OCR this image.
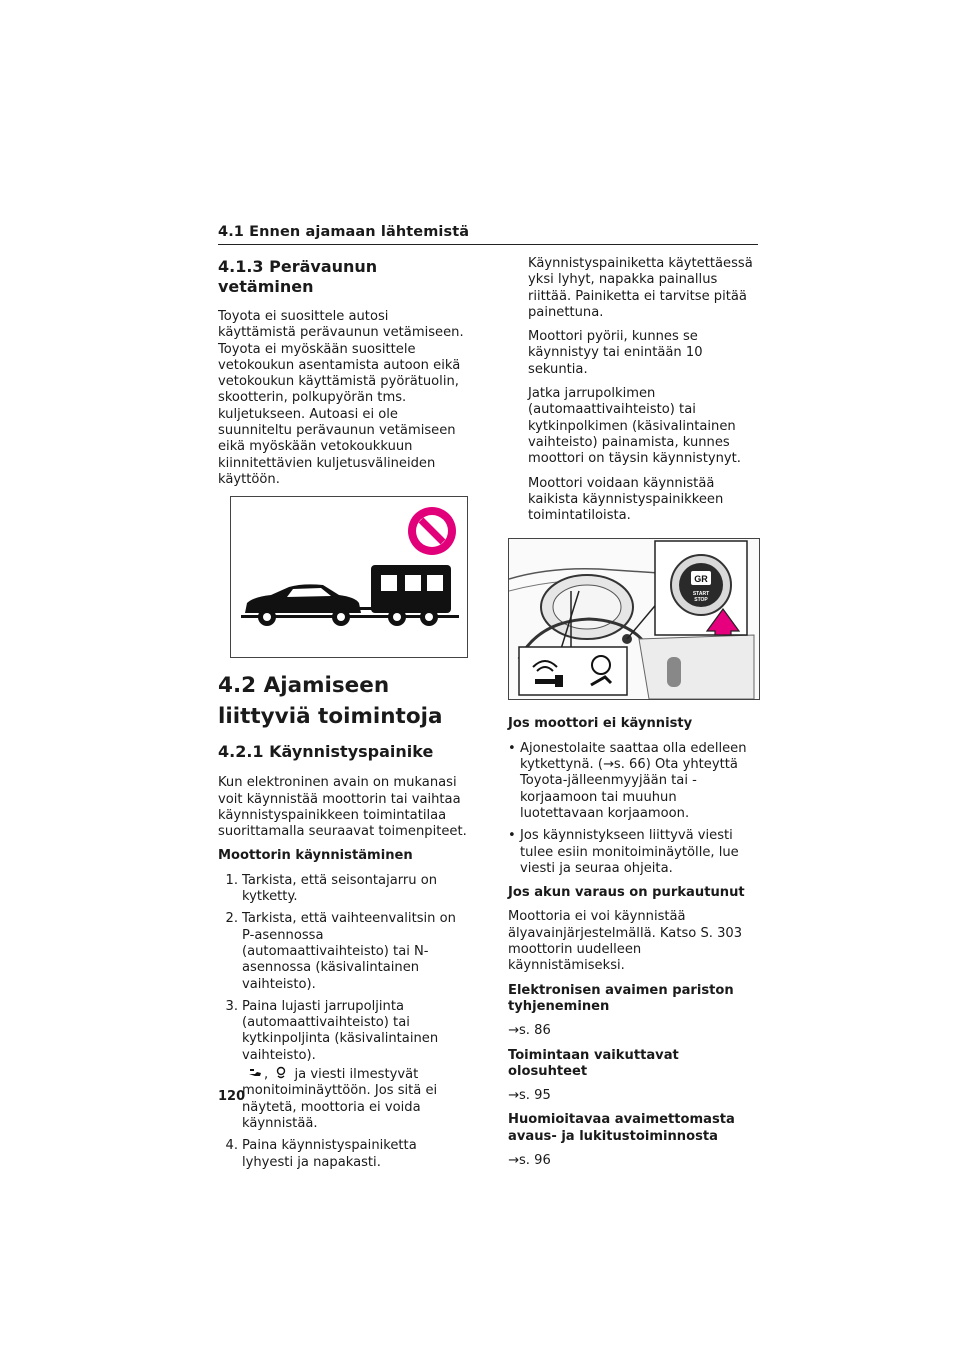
4.1 Ennen ajamaan lähtemistä
4.1.3 Perävaunun vetäminen

Toyota ei suosittele autosi käyttämistä perävaunun vetämiseen. Toyota ei myöskään suosittele vetokoukun asentamista autoon eikä vetokoukun käyttämistä pyörätuolin, skootterin, polkupyörän tms. kuljetukseen. Autoasi ei ole suunniteltu perävaunun vetämiseen eikä myöskään vetokoukkuun kiinnitettävien kuljetusvälineiden käyttöön.

4.2 Ajamiseen liittyviä toimintoja
4.2.1 Käynnistyspainike

Kun elektroninen avain on mukanasi voit käynnistää moottorin tai vaihtaa käynnistyspainikkeen toimintatilaa suorittamalla seuraavat toimenpiteet.

Moottorin käynnistäminen

1. Tarkista, että seisontajarru on kytketty.
2. Tarkista, että vaihteenvalitsin on P-asennossa (automaattivaihteisto) tai N-asennossa (käsivalintainen vaihteisto).
3. Paina lujasti jarrupoljinta (automaattivaihteisto) tai kytkinpoljinta (käsivalintainen vaihteisto).
, ja viesti ilmestyvät monitoiminäyttöön. Jos sitä ei näytetä, moottoria ei voida käynnistää.
4. Paina käynnistyspainiketta lyhyesti ja napakasti.

Käynnistyspainiketta käytettäessä yksi lyhyt, napakka painallus riittää. Painiketta ei tarvitse pitää painettuna.

Moottori pyörii, kunnes se käynnistyy tai enintään 10 sekuntia.

Jatka jarrupolkimen (automaattivaihteisto) tai kytkinpolkimen (käsivalintainen vaihteisto) painamista, kunnes moottori on täysin käynnistynyt.

Moottori voidaan käynnistää kaikista käynnistyspainikkeen toimintatiloista.

GR
START
STOP

Jos moottori ei käynnisty

• Ajonestolaite saattaa olla edelleen kytkettynä. (→s. 66) Ota yhteyttä Toyota-jälleenmyyjään tai -korjaamoon tai muuhun luotettavaan korjaamoon.
• Jos käynnistykseen liittyvä viesti tulee esiin monitoiminäytölle, lue viesti ja seuraa ohjeita.

Jos akun varaus on purkautunut

Moottoria ei voi käynnistää älyavainjärjestelmällä. Katso S. 303 moottorin uudelleen käynnistämiseksi.

Elektronisen avaimen pariston tyhjeneminen

→s. 86

Toimintaan vaikuttavat olosuhteet

→s. 95

Huomioitavaa avaimettomasta avaus- ja lukitustoiminnosta

→s. 96

120
